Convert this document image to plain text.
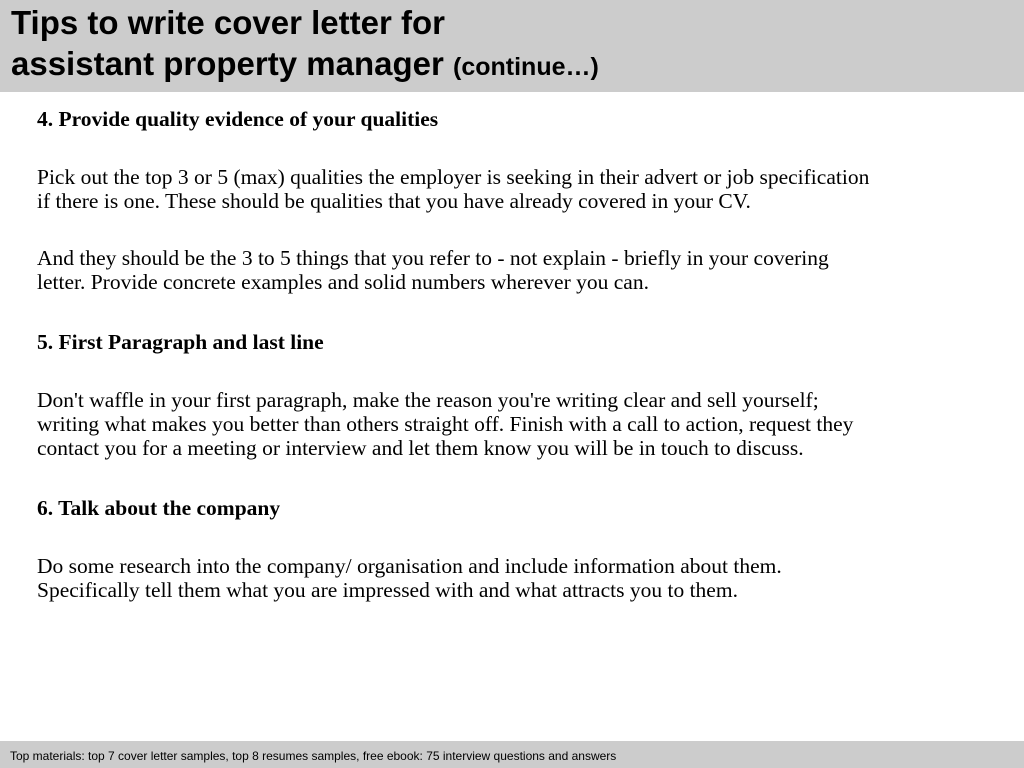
Tips to write cover letter for
assistant property manager (continue…)
4. Provide quality evidence of your qualities
Pick out the top 3 or 5 (max) qualities the employer is seeking in their advert or job specification
if there is one. These should be qualities that you have already covered in your CV.
And they should be the 3 to 5 things that you refer to - not explain - briefly in your covering
letter. Provide concrete examples and solid numbers wherever you can.
5. First Paragraph and last line
Don't waffle in your first paragraph, make the reason you're writing clear and sell yourself;
writing what makes you better than others straight off. Finish with a call to action, request they
contact you for a meeting or interview and let them know you will be in touch to discuss.
6. Talk about the company
Do some research into the company/ organisation and include information about them.
Specifically tell them what you are impressed with and what attracts you to them.
Top materials: top 7 cover letter samples, top 8 resumes samples, free ebook: 75 interview questions and answers
